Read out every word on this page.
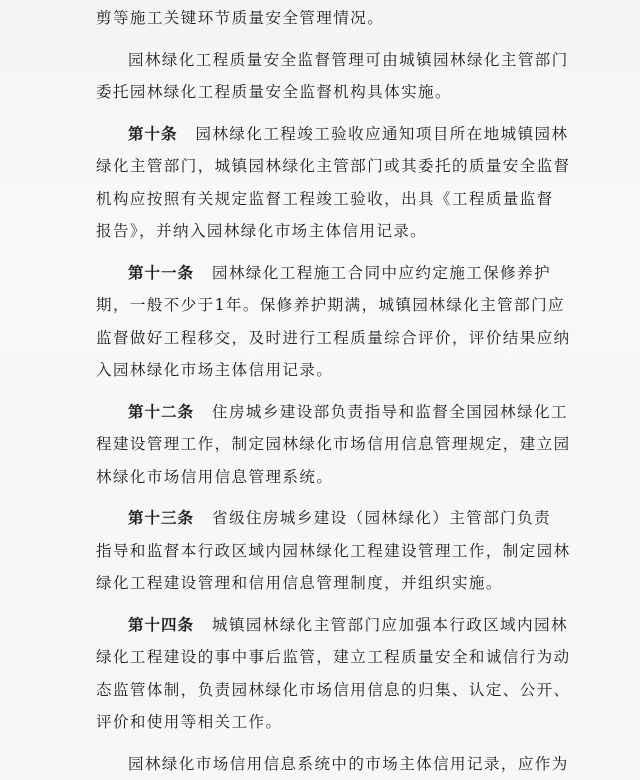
剪等施工关键环节质量安全管理情况。
园林绿化工程质量安全监督管理可由城镇园林绿化主管部门
委托园林绿化工程质量安全监督机构具体实施。
第十条 园林绿化工程竣工验收应通知项目所在地城镇园林
绿化主管部门，城镇园林绿化主管部门或其委托的质量安全监督
机构应按照有关规定监督工程竣工验收，出具《工程质量监督
报告》，并纳入园林绿化市场主体信用记录。
第十一条 园林绿化工程施工合同中应约定施工保修养护
期，一般不少于1年。保修养护期满，城镇园林绿化主管部门应
监督做好工程移交，及时进行工程质量综合评价，评价结果应纳
入园林绿化市场主体信用记录。
第十二条 住房城乡建设部负责指导和监督全国园林绿化工
程建设管理工作，制定园林绿化市场信用信息管理规定，建立园
林绿化市场信用信息管理系统。
第十三条 省级住房城乡建设（园林绿化）主管部门负责
指导和监督本行政区域内园林绿化工程建设管理工作，制定园林
绿化工程建设管理和信用信息管理制度，并组织实施。
第十四条 城镇园林绿化主管部门应加强本行政区域内园林
绿化工程建设的事中事后监管，建立工程质量安全和诚信行为动
态监管体制，负责园林绿化市场信用信息的归集、认定、公开、
评价和使用等相关工作。
园林绿化市场信用信息系统中的市场主体信用记录，应作为
